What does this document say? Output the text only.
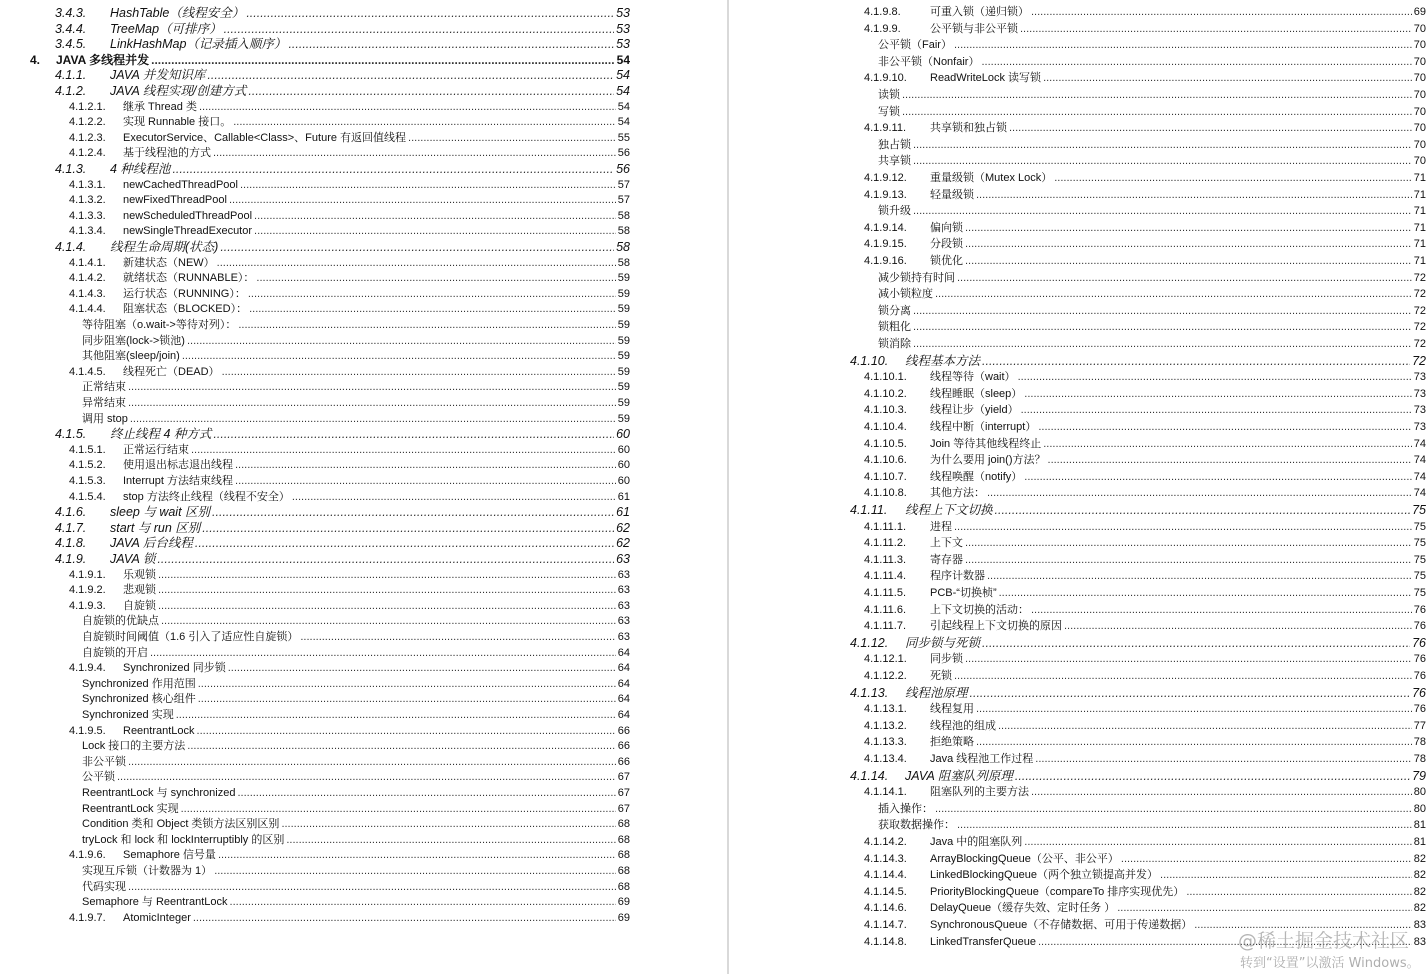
3.4.3.	HashTable（线程安全） .....	53
3.4.4.	TreeMap（可排序） .....	53
3.4.5.	LinkHashMap（记录插入顺序） .....	53
4.	JAVA 多线程并发 .....	54
4.1.1.	JAVA 并发知识库 .....	54
4.1.2.	JAVA 线程实现/创建方式 .....	54
4.1.2.1.	继承 Thread 类 .....	54
4.1.2.2.	实现 Runnable 接口。 .....	54
4.1.2.3.	ExecutorService、Callable<Class>、Future 有返回值线程 .....	55
4.1.2.4.	基于线程池的方式 .....	56
4.1.3.	4 种线程池 .....	56
4.1.3.1.	newCachedThreadPool .....	57
4.1.3.2.	newFixedThreadPool .....	57
4.1.3.3.	newScheduledThreadPool .....	58
4.1.3.4.	newSingleThreadExecutor .....	58
4.1.4.	线程生命周期(状态) .....	58
4.1.4.1.	新建状态（NEW） .....	58
4.1.4.2.	就绪状态（RUNNABLE）： .....	59
4.1.4.3.	运行状态（RUNNING）： .....	59
4.1.4.4.	阻塞状态（BLOCKED）： .....	59
等待阻塞（o.wait->等待对列）： .....	59
同步阻塞(lock->锁池) .....	59
其他阻塞(sleep/join) .....	59
4.1.4.5.	线程死亡（DEAD） .....	59
正常结束 .....	59
异常结束 .....	59
调用 stop .....	59
4.1.5.	终止线程 4 种方式 .....	60
4.1.5.1.	正常运行结束 .....	60
4.1.5.2.	使用退出标志退出线程 .....	60
4.1.5.3.	Interrupt 方法结束线程 .....	60
4.1.5.4.	stop 方法终止线程（线程不安全） .....	61
4.1.6.	sleep 与 wait 区别 .....	61
4.1.7.	start 与 run 区别 .....	62
4.1.8.	JAVA 后台线程 .....	62
4.1.9.	JAVA 锁 .....	63
4.1.9.1.	乐观锁 .....	63
4.1.9.2.	悲观锁 .....	63
4.1.9.3.	自旋锁 .....	63
自旋锁的优缺点 .....	63
自旋锁时间阈值（1.6 引入了适应性自旋锁） .....	63
自旋锁的开启 .....	64
4.1.9.4.	Synchronized 同步锁 .....	64
Synchronized 作用范围 .....	64
Synchronized 核心组件 .....	64
Synchronized 实现 .....	64
4.1.9.5.	ReentrantLock .....	66
Lock 接口的主要方法 .....	66
非公平锁 .....	66
公平锁 .....	67
ReentrantLock 与 synchronized .....	67
ReentrantLock 实现 .....	67
Condition 类和 Object 类锁方法区别区别 .....	68
tryLock 和 lock 和 lockInterruptibly 的区别 .....	68
4.1.9.6.	Semaphore 信号量 .....	68
实现互斥锁（计数器为 1） .....	68
代码实现 .....	68
Semaphore 与 ReentrantLock .....	69
4.1.9.7.	AtomicInteger .....	69
4.1.9.8.	可重入锁（递归锁） .....	69
4.1.9.9.	公平锁与非公平锁 .....	70
公平锁（Fair） .....	70
非公平锁（Nonfair） .....	70
4.1.9.10.	ReadWriteLock 读写锁 .....	70
读锁 .....	70
写锁 .....	70
4.1.9.11.	共享锁和独占锁 .....	70
独占锁 .....	70
共享锁 .....	70
4.1.9.12.	重量级锁（Mutex Lock） .....	71
4.1.9.13.	轻量级锁 .....	71
锁升级 .....	71
4.1.9.14.	偏向锁 .....	71
4.1.9.15.	分段锁 .....	71
4.1.9.16.	锁优化 .....	71
减少锁持有时间 .....	72
减小锁粒度 .....	72
锁分离 .....	72
锁粗化 .....	72
锁消除 .....	72
4.1.10.	线程基本方法 .....	72
4.1.10.1.	线程等待（wait） .....	73
4.1.10.2.	线程睡眠（sleep） .....	73
4.1.10.3.	线程让步（yield） .....	73
4.1.10.4.	线程中断（interrupt） .....	73
4.1.10.5.	Join 等待其他线程终止 .....	74
4.1.10.6.	为什么要用 join()方法？ .....	74
4.1.10.7.	线程唤醒（notify） .....	74
4.1.10.8.	其他方法： .....	74
4.1.11.	线程上下文切换 .....	75
4.1.11.1.	进程 .....	75
4.1.11.2.	上下文 .....	75
4.1.11.3.	寄存器 .....	75
4.1.11.4.	程序计数器 .....	75
4.1.11.5.	PCB-“切换桢” .....	75
4.1.11.6.	上下文切换的活动： .....	76
4.1.11.7.	引起线程上下文切换的原因 .....	76
4.1.12.	同步锁与死锁 .....	76
4.1.12.1.	同步锁 .....	76
4.1.12.2.	死锁 .....	76
4.1.13.	线程池原理 .....	76
4.1.13.1.	线程复用 .....	76
4.1.13.2.	线程池的组成 .....	77
4.1.13.3.	拒绝策略 .....	78
4.1.13.4.	Java 线程池工作过程 .....	78
4.1.14.	JAVA 阻塞队列原理 .....	79
4.1.14.1.	阻塞队列的主要方法 .....	80
插入操作： .....	80
获取数据操作： .....	81
4.1.14.2.	Java 中的阻塞队列 .....	81
4.1.14.3.	ArrayBlockingQueue（公平、非公平） .....	82
4.1.14.4.	LinkedBlockingQueue（两个独立锁提高并发） .....	82
4.1.14.5.	PriorityBlockingQueue（compareTo 排序实现优先） .....	82
4.1.14.6.	DelayQueue（缓存失效、定时任务 ） .....	82
4.1.14.7.	SynchronousQueue（不存储数据、可用于传递数据） .....	83
4.1.14.8.	LinkedTransferQueue .....	83
@稀土掘金技术社区
转到“设置”以激活 Windows。
